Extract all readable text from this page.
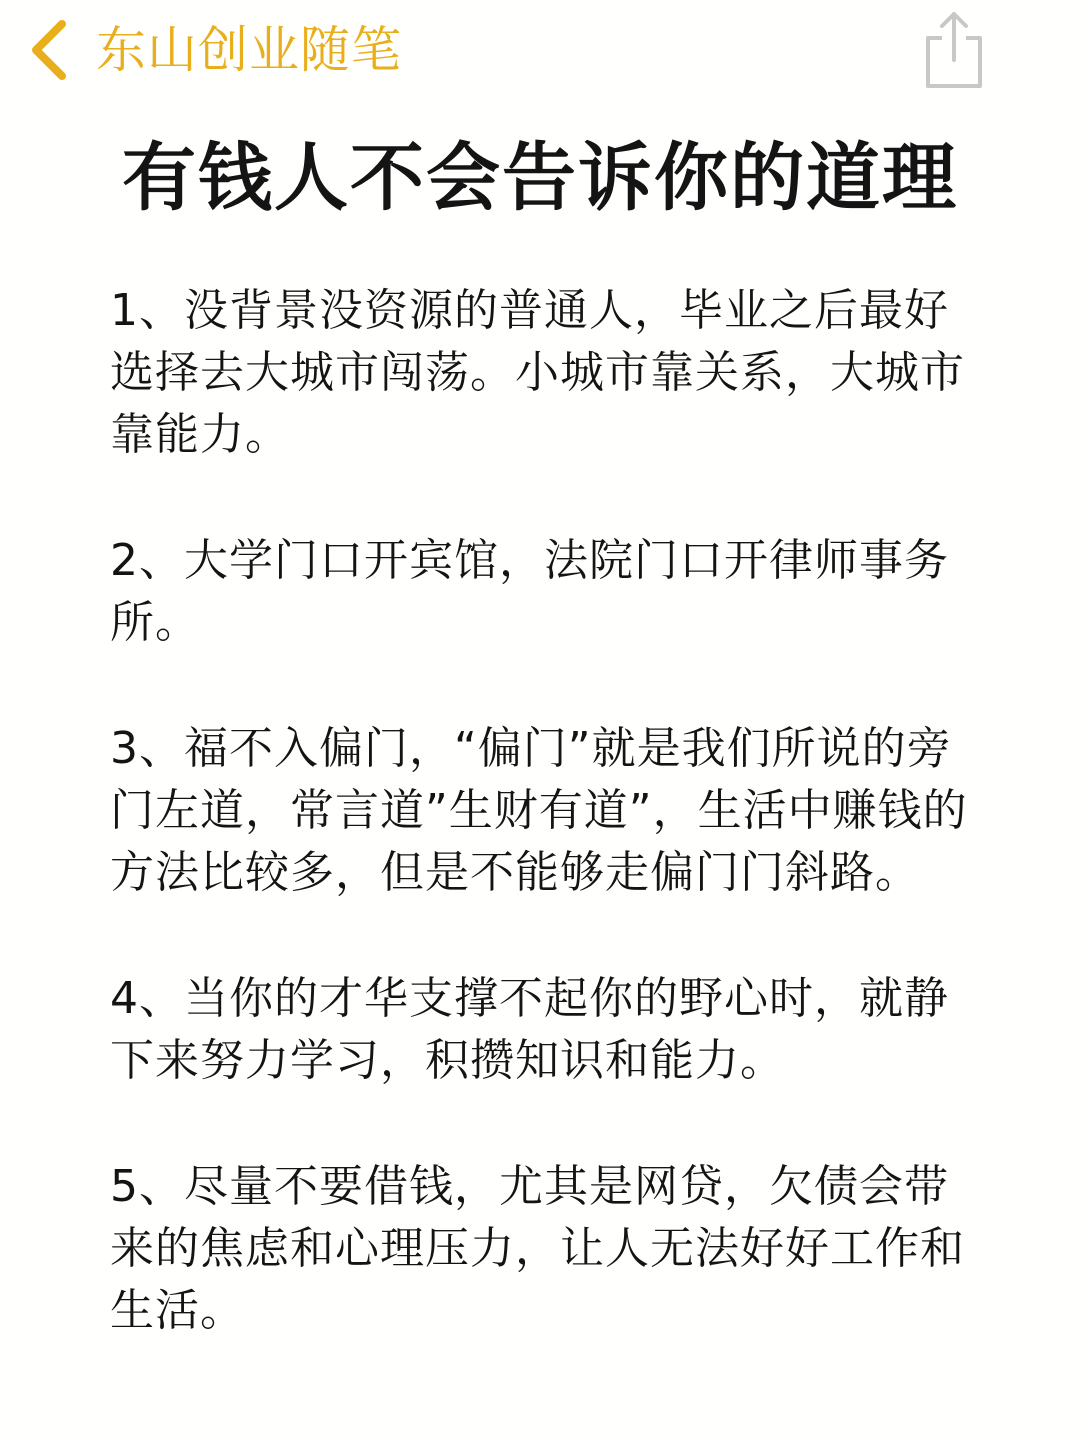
东山创业随笔
有钱人不会告诉你的道理

1、没背景没资源的普通人，毕业之后最好选择去大城市闯荡。小城市靠关系，大城市靠能力。

2、大学门口开宾馆，法院门口开律师事务所。

3、福不入偏门，“偏门”就是我们所说的旁门左道，常言道”生财有道”，生活中赚钱的方法比较多，但是不能够走偏门门斜路。

4、当你的才华支撑不起你的野心时，就静下来努力学习，积攒知识和能力。

5、尽量不要借钱，尤其是网贷，欠债会带来的焦虑和心理压力，让人无法好好工作和生活。
